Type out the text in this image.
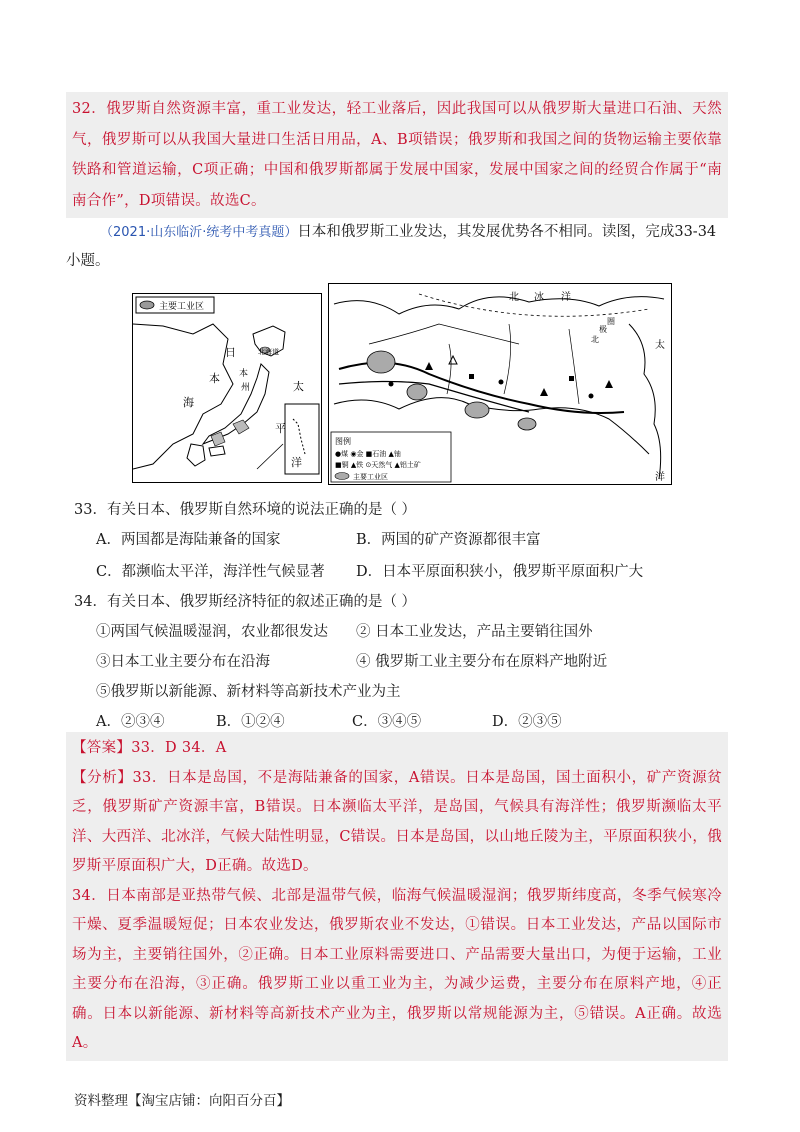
32．俄罗斯自然资源丰富，重工业发达，轻工业落后，因此我国可以从俄罗斯大量进口石油、天然气，俄罗斯可以从我国大量进口生活日用品，A、B项错误；俄罗斯和我国之间的货物运输主要依靠铁路和管道运输，C项正确；中国和俄罗斯都属于发展中国家，发展中国家之间的经贸合作属于“南南合作”，D项错误。故选C。

（2021·山东临沂·统考中考真题）日本和俄罗斯工业发达，其发展优势各不相同。读图，完成33-34小题。
主要工业区
北海道
日
本
太
海
平
洋
本
州
图例
●煤 ◉金 ■石油 ▲铀
■铜 ▲铁 ⊙天然气 ▲铝土矿
主要工业区
北 冰 洋
北
极
圈
太
洋
33．有关日本、俄罗斯自然环境的说法正确的是（ ）
A．两国都是海陆兼备的国家	B．两国的矿产资源都很丰富
C．都濒临太平洋，海洋性气候显著 D．日本平原面积狭小，俄罗斯平原面积广大
34．有关日本、俄罗斯经济特征的叙述正确的是（ ）
①两国气候温暖湿润，农业都很发达 ② 日本工业发达，产品主要销往国外
③日本工业主要分布在沿海	④ 俄罗斯工业主要分布在原料产地附近
⑤俄罗斯以新能源、新材料等高新技术产业为主
A．②③④	B．①②④	C．③④⑤	D．②③⑤

【答案】33．D 34．A

【分析】33．日本是岛国，不是海陆兼备的国家，A错误。日本是岛国，国土面积小，矿产资源贫乏，俄罗斯矿产资源丰富，B错误。日本濒临太平洋，是岛国，气候具有海洋性；俄罗斯濒临太平洋、大西洋、北冰洋，气候大陆性明显，C错误。日本是岛国，以山地丘陵为主，平原面积狭小，俄罗斯平原面积广大，D正确。故选D。

34．日本南部是亚热带气候、北部是温带气候，临海气候温暖湿润；俄罗斯纬度高，冬季气候寒冷干燥、夏季温暖短促；日本农业发达，俄罗斯农业不发达，①错误。日本工业发达，产品以国际市场为主，主要销往国外，②正确。日本工业原料需要进口、产品需要大量出口，为便于运输，工业主要分布在沿海，③正确。俄罗斯工业以重工业为主，为减少运费，主要分布在原料产地，④正确。日本以新能源、新材料等高新技术产业为主，俄罗斯以常规能源为主，⑤错误。A正确。故选A。

资料整理【淘宝店铺：向阳百分百】
